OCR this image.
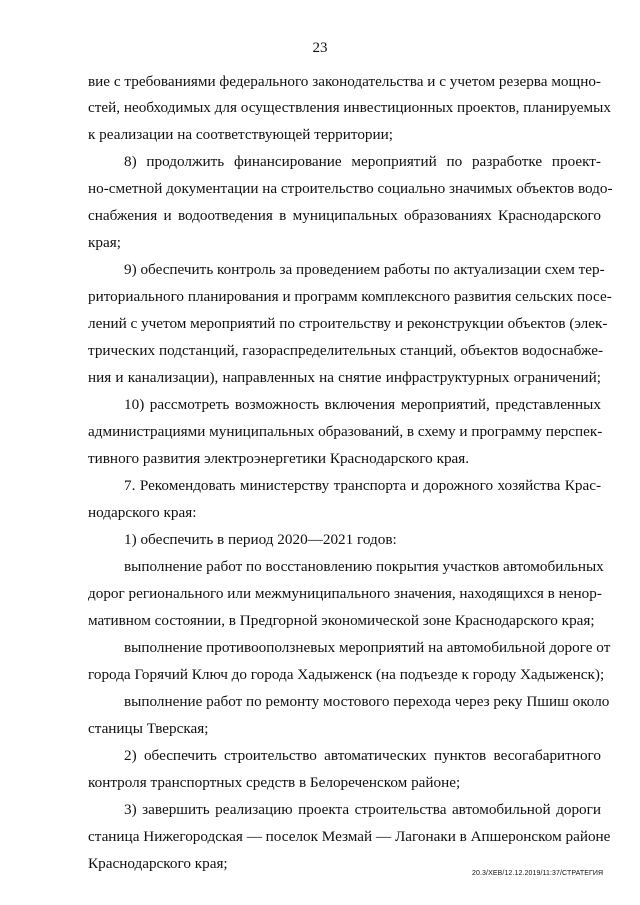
23
вие с требованиями федерального законодательства и с учетом резерва мощно-
стей, необходимых для осуществления инвестиционных проектов, планируемых
к реализации на соответствующей территории;
8) продолжить финансирование мероприятий по разработке проект-
но-сметной документации на строительство социально значимых объектов водо-
снабжения и водоотведения в муниципальных образованиях Краснодарского
края;
9) обеспечить контроль за проведением работы по актуализации схем тер-
риториального планирования и программ комплексного развития сельских посе-
лений с учетом мероприятий по строительству и реконструкции объектов (элек-
трических подстанций, газораспределительных станций, объектов водоснабже-
ния и канализации), направленных на снятие инфраструктурных ограничений;
10) рассмотреть возможность включения мероприятий, представленных
администрациями муниципальных образований, в схему и программу перспек-
тивного развития электроэнергетики Краснодарского края.
7. Рекомендовать министерству транспорта и дорожного хозяйства Крас-
нодарского края:
1) обеспечить в период 2020—2021 годов:
выполнение работ по восстановлению покрытия участков автомобильных
дорог регионального или межмуниципального значения, находящихся в ненор-
мативном состоянии, в Предгорной экономической зоне Краснодарского края;
выполнение противооползневых мероприятий на автомобильной дороге от
города Горячий Ключ до города Хадыженск (на подъезде к городу Хадыженск);
выполнение работ по ремонту мостового перехода через реку Пшиш около
станицы Тверская;
2) обеспечить строительство автоматических пунктов весогабаритного
контроля транспортных средств в Белореченском районе;
3) завершить реализацию проекта строительства автомобильной дороги
станица Нижегородская — поселок Мезмай — Лагонаки в Апшеронском районе
Краснодарского края;
20.3/ХЕВ/12.12.2019/11:37/СТРАТЕГИЯ
